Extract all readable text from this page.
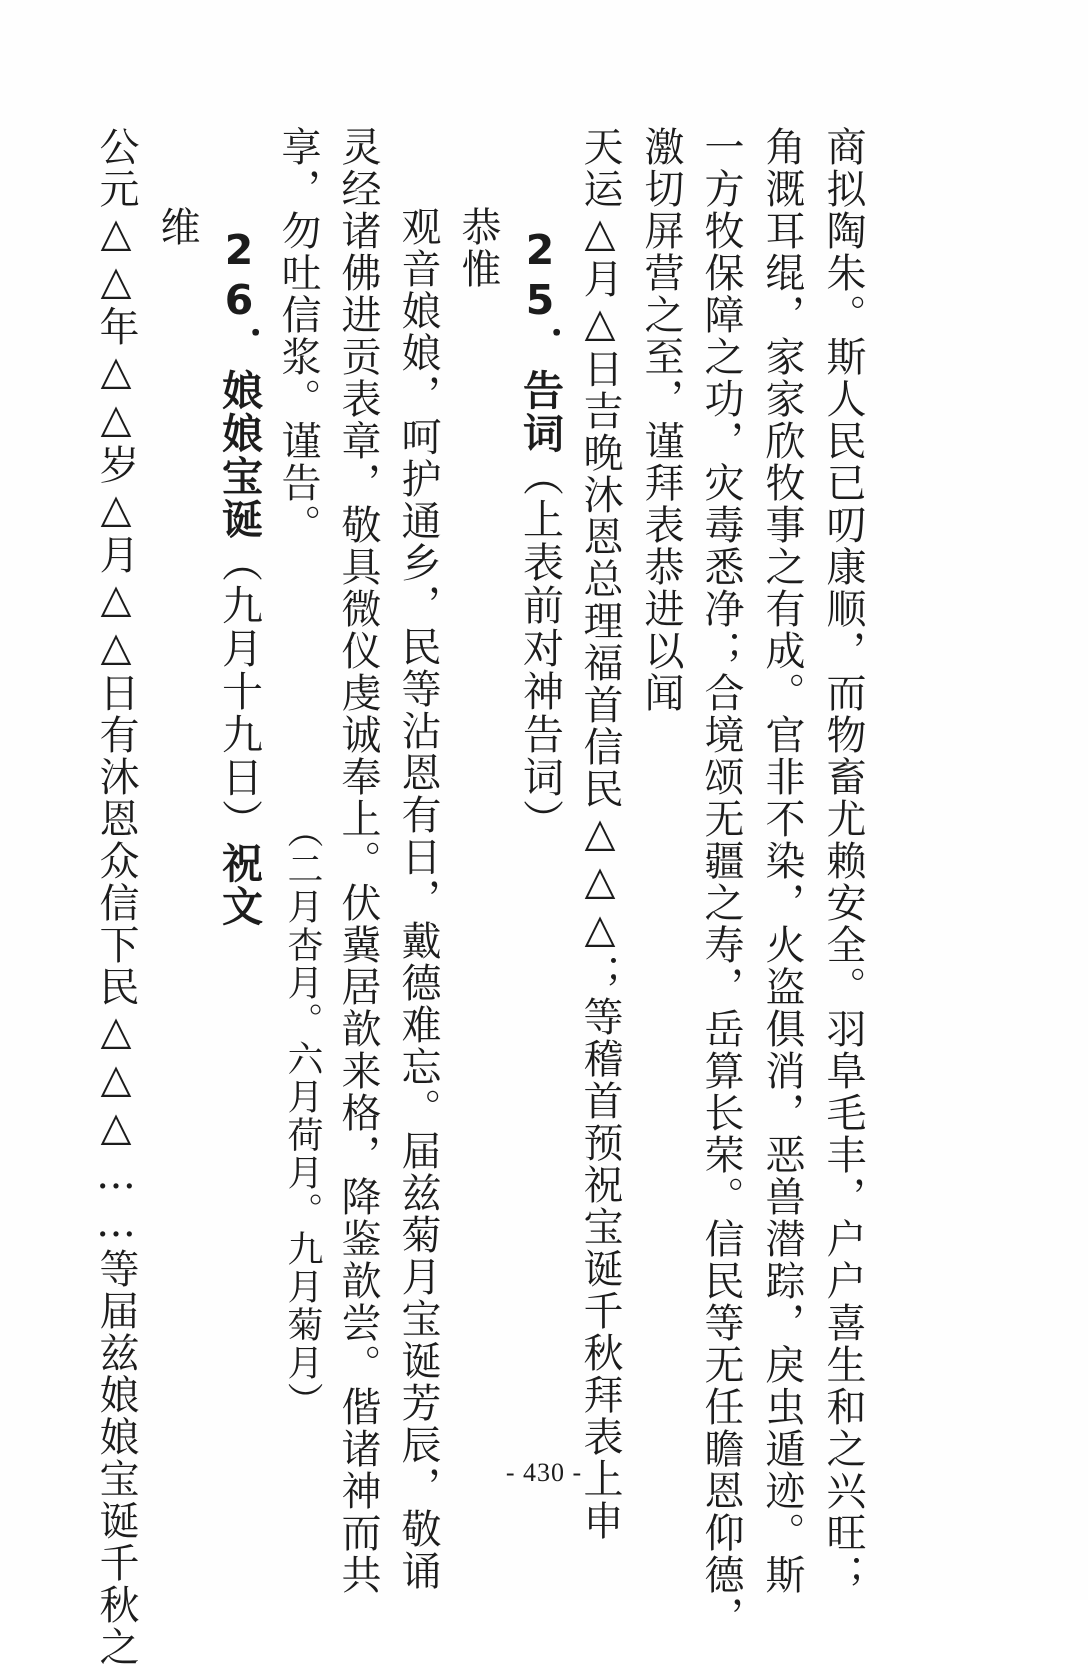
商拟陶朱。斯人民已叨康顺，而物畜尤赖安全。羽阜毛丰，户户喜生和之兴旺；
角溉耳绲，家家欣牧事之有成。官非不染，火盗俱消，恶兽潜踪，戾虫遁迹。斯
一方牧保障之功，灾毒悉净；合境颂无疆之寿，岳算长荣。信民等无任瞻恩仰德，
激切屏营之至，谨拜表恭进以闻
天运△月△日吉晚沐恩总理福首信民△△△；等稽首预祝宝诞千秋拜表上申
25．告词（上表前对神告词）
恭惟
观音娘娘，呵护通乡，民等沾恩有日，戴德难忘。届兹菊月宝诞芳辰，敬诵
灵经诸佛进贡表章，敬具微仪虔诚奉上。伏冀居歆来格，降鉴歆尝。偕诸神而共
享，勿吐信浆。谨告。
（二月杏月。六月荷月。九月菊月）
26．娘娘宝诞（九月十九日）祝文
维
公元△△年△△岁△月△△日有沐恩众信下民△△△……等届兹娘娘宝诞千秋之	- 430 -
